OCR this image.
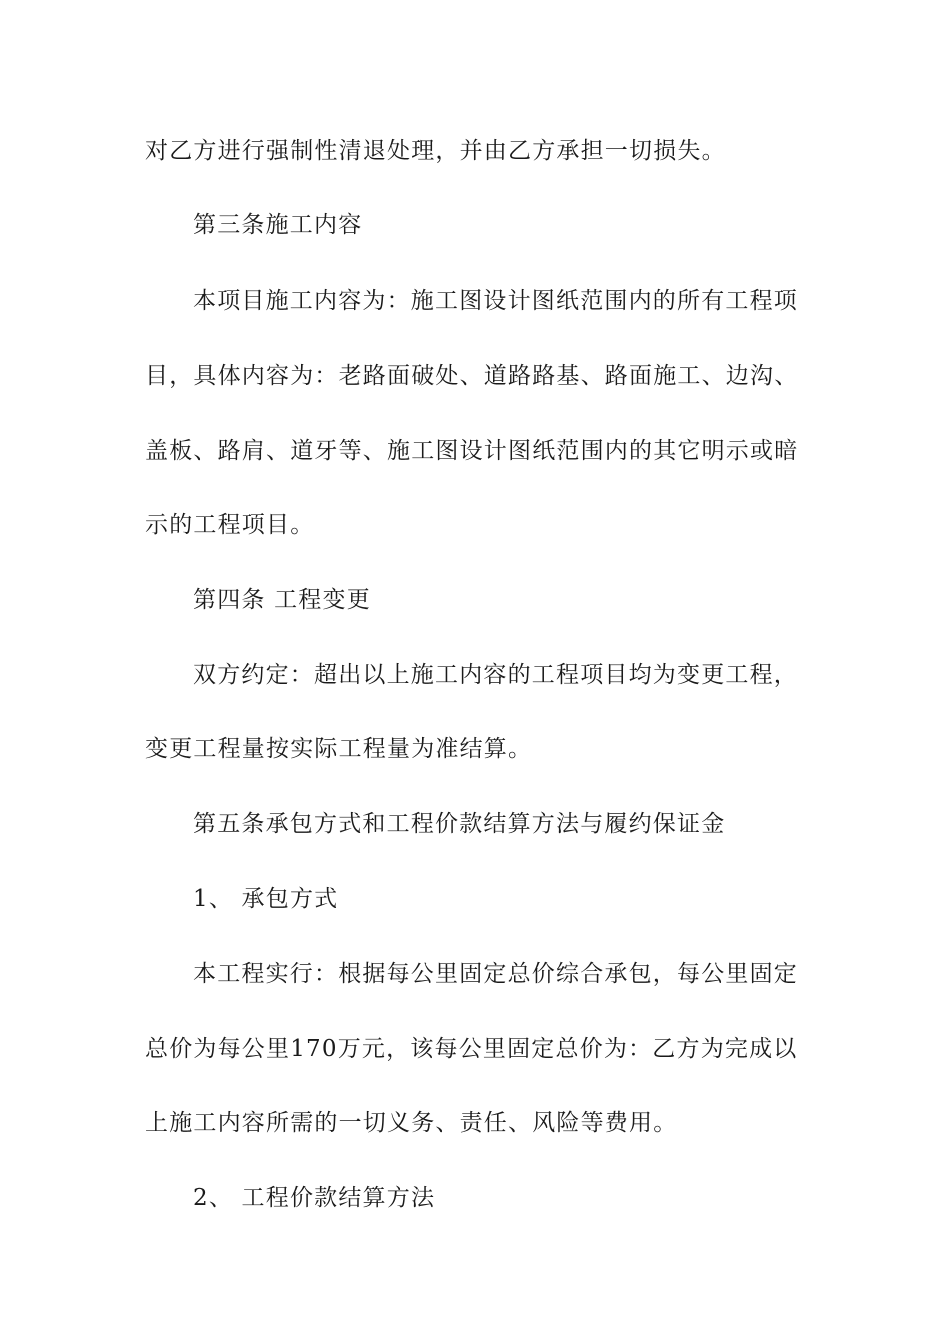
对乙方进行强制性清退处理，并由乙方承担一切损失。
第三条施工内容
本项目施工内容为：施工图设计图纸范围内的所有工程项
目，具体内容为：老路面破处、道路路基、路面施工、边沟、
盖板、路肩、道牙等、施工图设计图纸范围内的其它明示或暗
示的工程项目。
第四条 工程变更
双方约定：超出以上施工内容的工程项目均为变更工程，
变更工程量按实际工程量为准结算。
第五条承包方式和工程价款结算方法与履约保证金
1、 承包方式
本工程实行：根据每公里固定总价综合承包，每公里固定
总价为每公里170万元，该每公里固定总价为：乙方为完成以
上施工内容所需的一切义务、责任、风险等费用。
2、 工程价款结算方法
